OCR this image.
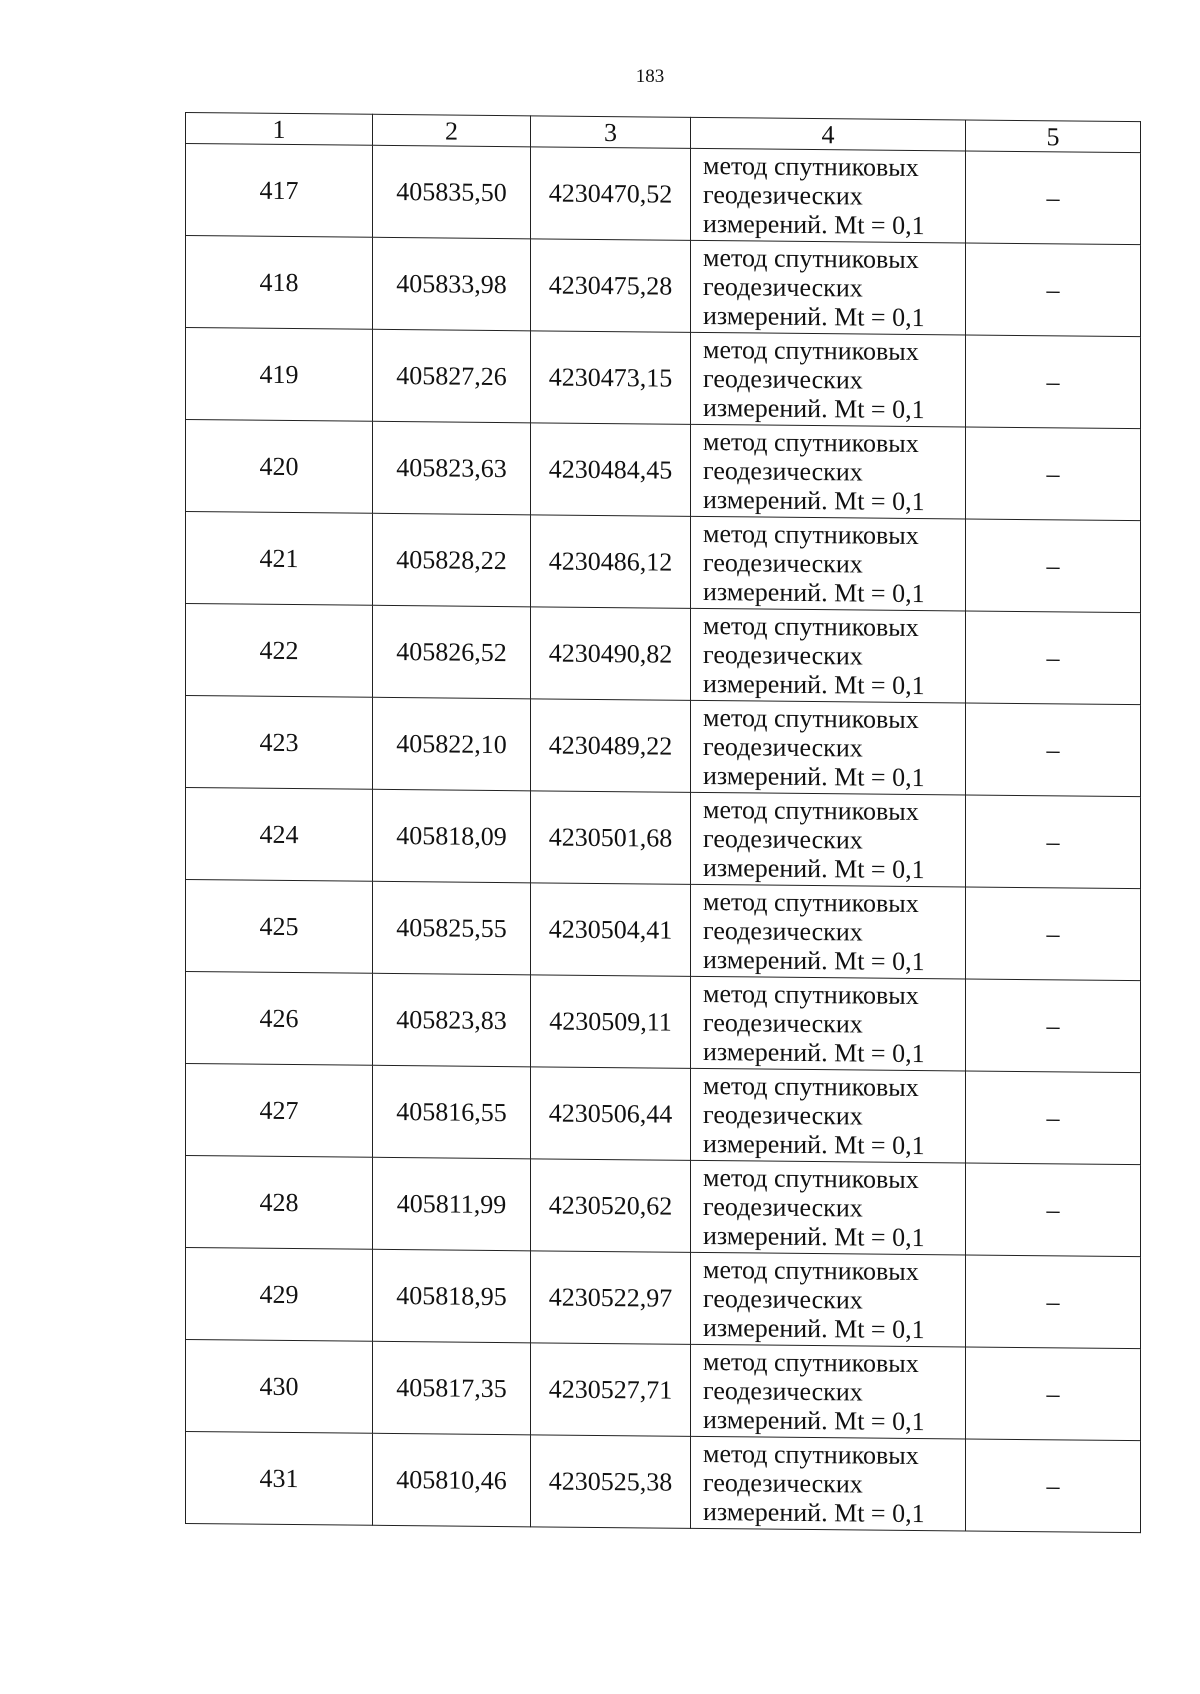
183
1	2	3	4	5
417	405835,50	4230470,52	метод спутниковых
геодезических
измерений. Mt = 0,1	–
418	405833,98	4230475,28	метод спутниковых
геодезических
измерений. Mt = 0,1	–
419	405827,26	4230473,15	метод спутниковых
геодезических
измерений. Mt = 0,1	–
420	405823,63	4230484,45	метод спутниковых
геодезических
измерений. Mt = 0,1	–
421	405828,22	4230486,12	метод спутниковых
геодезических
измерений. Mt = 0,1	–
422	405826,52	4230490,82	метод спутниковых
геодезических
измерений. Mt = 0,1	–
423	405822,10	4230489,22	метод спутниковых
геодезических
измерений. Mt = 0,1	–
424	405818,09	4230501,68	метод спутниковых
геодезических
измерений. Mt = 0,1	–
425	405825,55	4230504,41	метод спутниковых
геодезических
измерений. Mt = 0,1	–
426	405823,83	4230509,11	метод спутниковых
геодезических
измерений. Mt = 0,1	–
427	405816,55	4230506,44	метод спутниковых
геодезических
измерений. Mt = 0,1	–
428	405811,99	4230520,62	метод спутниковых
геодезических
измерений. Mt = 0,1	–
429	405818,95	4230522,97	метод спутниковых
геодезических
измерений. Mt = 0,1	–
430	405817,35	4230527,71	метод спутниковых
геодезических
измерений. Mt = 0,1	–
431	405810,46	4230525,38	метод спутниковых
геодезических
измерений. Mt = 0,1	–
